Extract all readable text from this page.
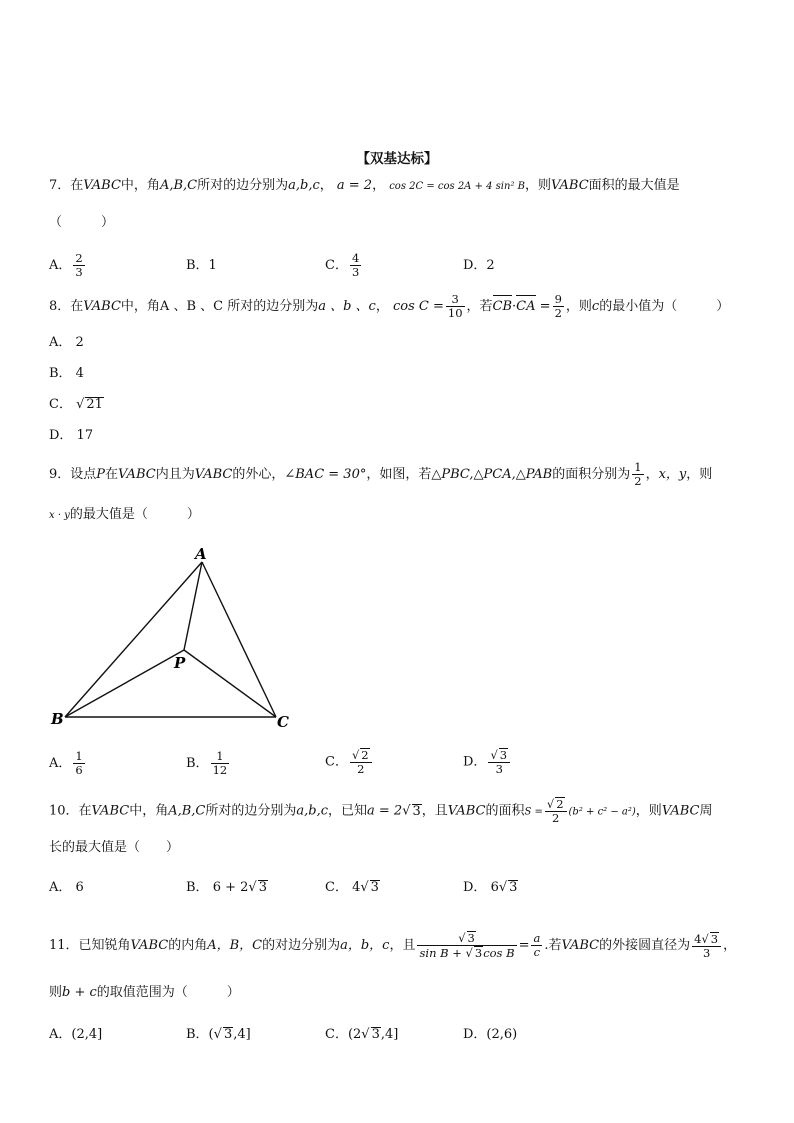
【双基达标】
7．在VABC中，角A,B,C所对的边分别为a,b,c， a = 2， cos 2C = cos 2A + 4 sin² B，则VABC面积的最大值是
（　　　）
A． $\frac{2}{3}$	B．1	C． $\frac{4}{3}$	D．2
8．在VABC中，角A 、B 、C 所对的边分别为a 、b 、c， $\cos C = \frac{3}{10}$ ，若$CB\cdot CA = \frac{9}{2}$ ，则c的最小值为（　　　）
A． 2
B． 4
C． √ 21
D． 17
9．设点P在VABC内且为VABC的外心，∠BAC = 30°，如图，若△PBC,△PCA,△PAB的面积分别为 $\frac{1}{2}$ ，x，y，则
x · y的最大值是（　　　）
A
B	C
P
A． $\frac{1}{6}$	B． $\frac{1}{12}$	C． $\frac{√ 2}{2}$	D． $\frac{√ 3}{3}$
10．在VABC中，角A,B,C所对的边分别为a,b,c，已知a = 2√ 3，且VABC的面积$S = \frac{√ 2}{2} (b^2 + c^2 - a^2)$，则VABC周
长的最大值是（　　）
A． 6	B． 6 + 2√ 3	C． 4√ 3	D． 6√ 3
11．已知锐角VABC的内角A，B，C的对边分别为a，b，c，且 $\frac{√ 3}{\text{sin B + √ 3cos B}} = \frac{a}{c}$ .若VABC的外接圆直径为 $\frac{4√ 3}{3}$ ，
则b + c的取值范围为（　　　）
A．(2,4]	B．(√ 3,4]	C．(2√ 3,4]	D．(2,6)
